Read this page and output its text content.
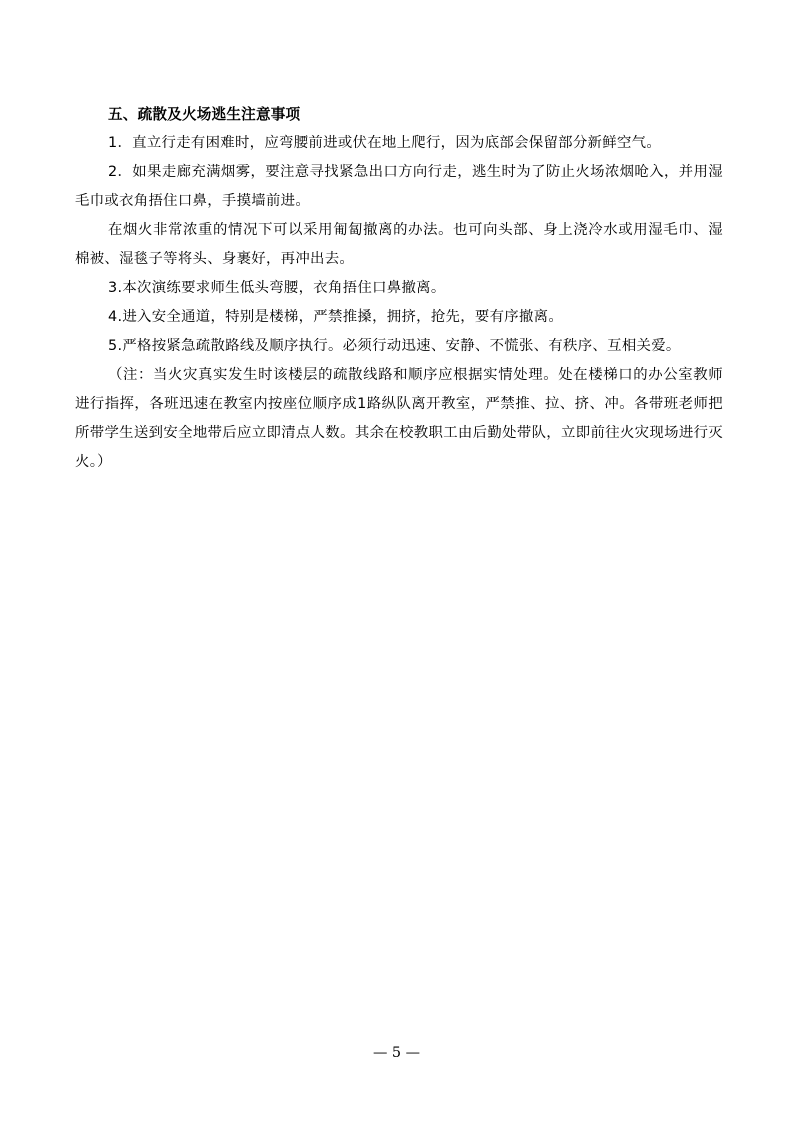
五、疏散及火场逃生注意事项

1．直立行走有困难时，应弯腰前进或伏在地上爬行，因为底部会保留部分新鲜空气。

2．如果走廊充满烟雾，要注意寻找紧急出口方向行走，逃生时为了防止火场浓烟呛入，并用湿毛巾或衣角捂住口鼻，手摸墙前进。

在烟火非常浓重的情况下可以采用匍匐撤离的办法。也可向头部、身上浇冷水或用湿毛巾、湿棉被、湿毯子等将头、身裹好，再冲出去。

3.本次演练要求师生低头弯腰，衣角捂住口鼻撤离。

4.进入安全通道，特别是楼梯，严禁推搡，拥挤，抢先，要有序撤离。

5.严格按紧急疏散路线及顺序执行。必须行动迅速、安静、不慌张、有秩序、互相关爱。

（注：当火灾真实发生时该楼层的疏散线路和顺序应根据实情处理。处在楼梯口的办公室教师进行指挥，各班迅速在教室内按座位顺序成1路纵队离开教室，严禁推、拉、挤、冲。各带班老师把所带学生送到安全地带后应立即清点人数。其余在校教职工由后勤处带队，立即前往火灾现场进行灭火。）

— 5 —
